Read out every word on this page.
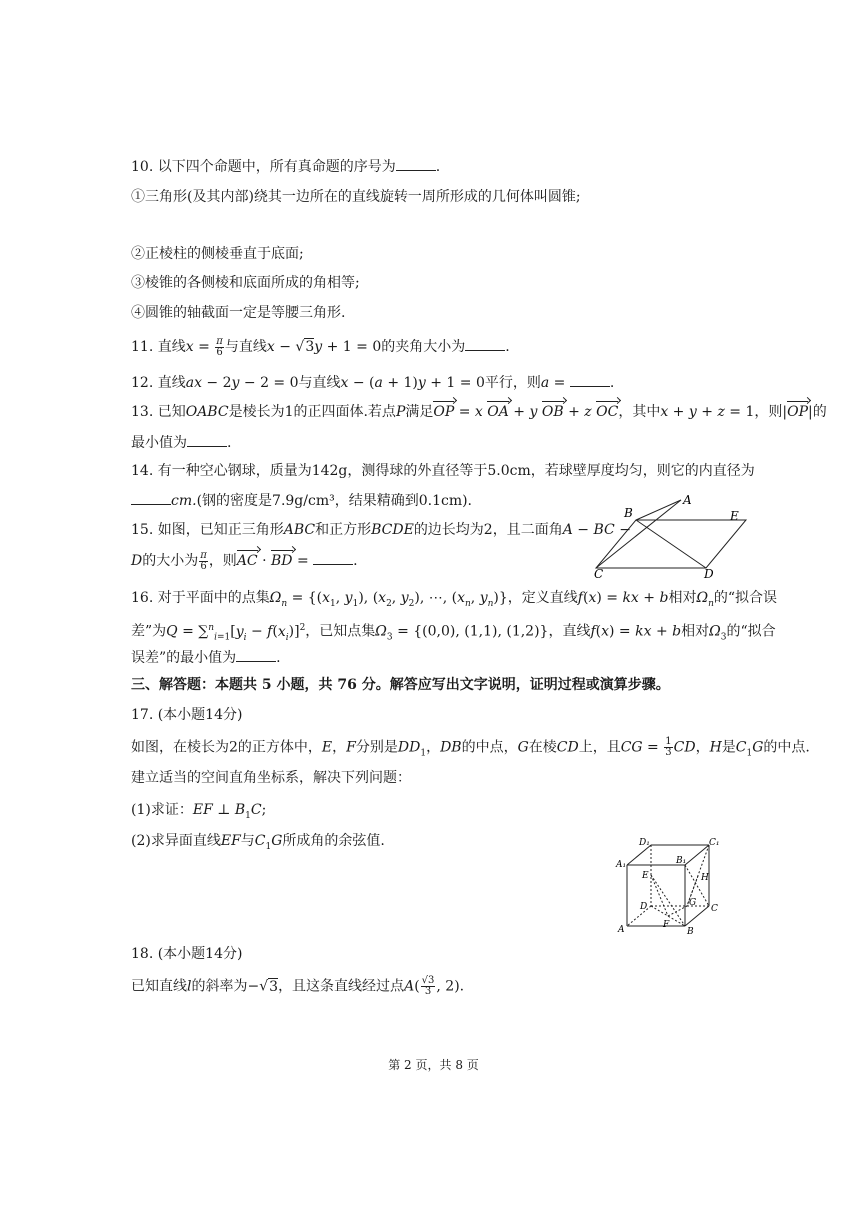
10. 以下四个命题中，所有真命题的序号为	.
①三角形(及其内部)绕其一边所在的直线旋转一周所形成的几何体叫圆锥;
②正棱柱的侧棱垂直于底面;
③棱锥的各侧棱和底面所成的角相等;
④圆锥的轴截面一定是等腰三角形.
11. 直线$x = \frac{\pi}{6}$ 与直线x − √3y + 1 = 0的夹角大小为	.
12. 直线ax − 2y − 2 = 0与直线x − (a + 1)y + 1 = 0平行，则a =	.
13. 已知OABC是棱长为1的正四面体.若点P满足OP = x OA + y OB + z OC，其中x + y + z = 1，则|OP|的
最小值为	.
14. 有一种空心钢球，质量为142g，测得球的外直径等于5.0cm，若球壁厚度均匀，则它的内直径为
cm.(钢的密度是7.9g/cm³，结果精确到0.1cm).
15. 如图，已知正三角形ABC和正方形BCDE的边长均为2，且二面角A − BC −
D的大小为 $\frac{\pi}{6}$ ，则AC · BD =	.
B
A
E
C	D
16. 对于平面中的点集$\Omega_n = \{(x_1$, $y_1$), ($x_2$, $y_2$), ⋯, ($x_n$, $y_n$)}，定义直线f(x) = kx + b相对$\Omega_n$的“拟合误
差”为$Q = \sum^n_{i=1}[y_i - f(x_i)]^2$，已知点集$\Omega_3 = \{(0,0)$, (1,1), (1,2)}，直线f(x) = kx + b相对$\Omega_3$的“拟合
误差”的最小值为	.
三、解答题：本题共 5 小题，共 76 分。解答应写出文字说明，证明过程或演算步骤。
17. (本小题14分)
如图，在棱长为2的正方体中，E，F分别是$DD_1$，DB的中点，G在棱CD上，且CG = $\frac{1}{3}$ CD，H是$C_1G$的中点.
建立适当的空间直角坐标系，解决下列问题：
(1)求证：EF ⊥ $B_1C$;
(2)求异面直线EF与$C_1G$所成角的余弦值.	D₁	C₁
A₁	B₁
E	H
D	G
C
A	F
B
18. (本小题14分)
已知直线l的斜率为−√3，且这条直线经过点$A( \frac{√3}{3}$ , 2).
第 2 页，共 8 页
